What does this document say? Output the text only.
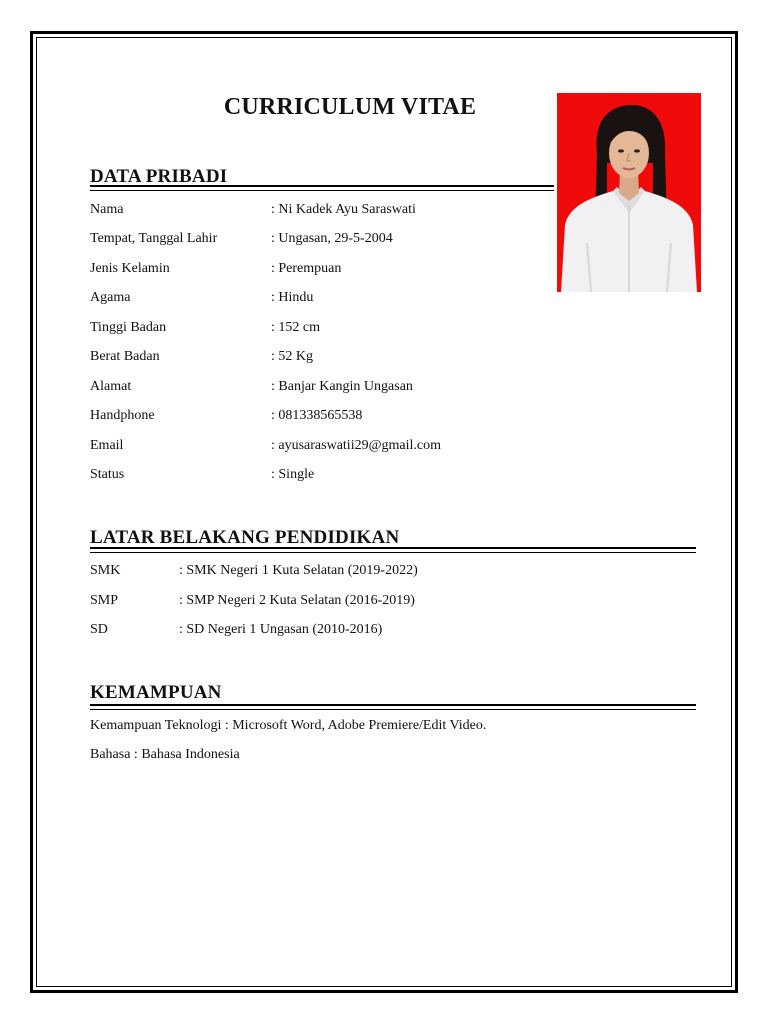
CURRICULUM VITAE
DATA PRIBADI
Nama	: Ni Kadek Ayu Saraswati
Tempat, Tanggal Lahir	: Ungasan, 29-5-2004
Jenis Kelamin	: Perempuan
Agama	: Hindu
Tinggi Badan	: 152 cm
Berat Badan	: 52 Kg
Alamat	: Banjar Kangin Ungasan
Handphone	: 081338565538
Email	: ayusaraswatii29@gmail.com
Status	: Single
LATAR BELAKANG PENDIDIKAN
SMK	: SMK Negeri 1 Kuta Selatan (2019-2022)
SMP	: SMP Negeri 2 Kuta Selatan (2016-2019)
SD	: SD Negeri 1 Ungasan (2010-2016)
KEMAMPUAN
Kemampuan Teknologi : Microsoft Word, Adobe Premiere/Edit Video.
Bahasa : Bahasa Indonesia
